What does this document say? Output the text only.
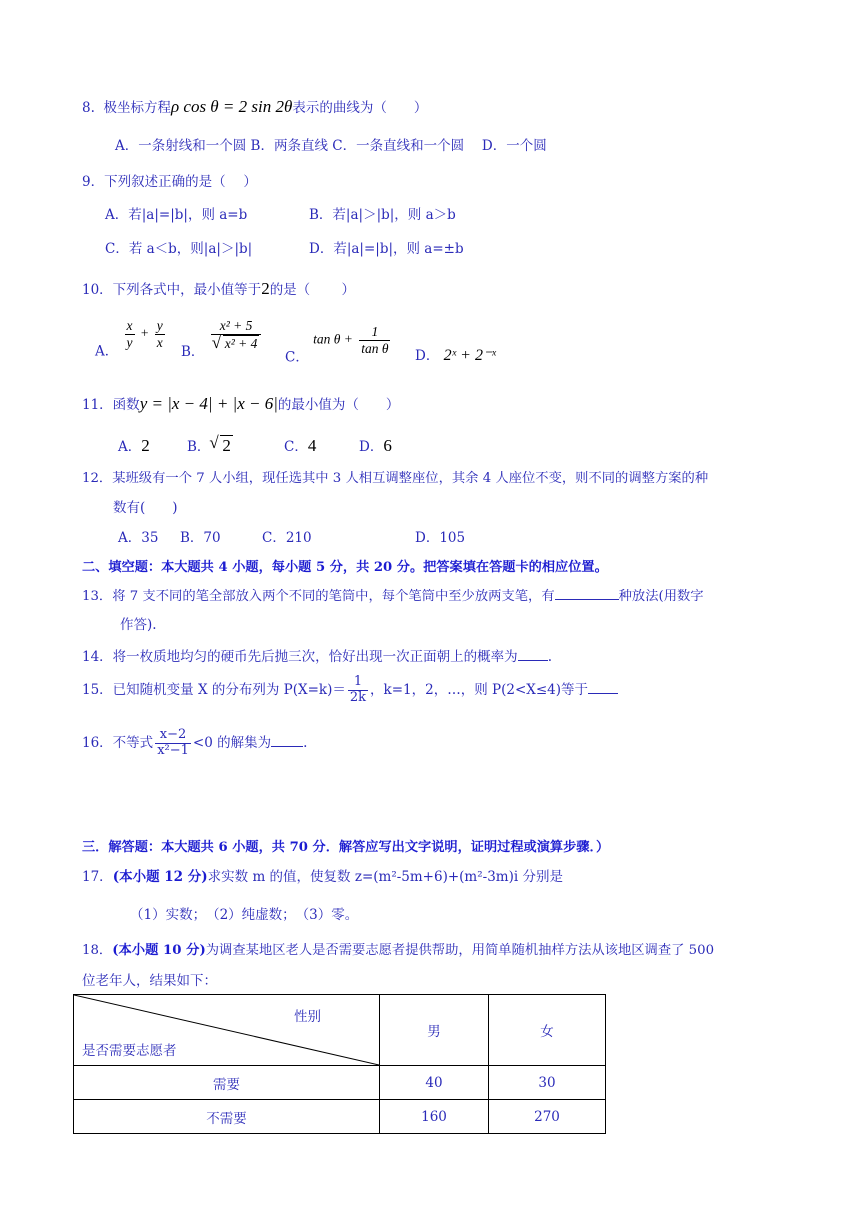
8. 极坐标方程ρ cos θ = 2 sin 2θ表示的曲线为（　　）
A．一条射线和一个圆 B．两条直线 C．一条直线和一个圆　 D．一个圆
9．下列叙述正确的是（　 ）
A．若|a|=|b|，则 a=b	B．若|a|＞|b|，则 a＞b
C．若 a＜b，则|a|＞|b|	D．若|a|=|b|，则 a=±b
10．下列各式中，最小值等于2的是（　　 ）
A．
$\frac{x}{y} + \frac{y}{x}$
B．
x² + 5
√ x² + 4
C． $\tan \theta + \frac{1}{\text{tan θ}}$ D． 2ˣ + 2⁻ˣ
11．函数y = |x − 4| + |x − 6|的最小值为（　　）
A．2	B． √ 2	C．4	D．6
12．某班级有一个 7 人小组，现任选其中 3 人相互调整座位，其余 4 人座位不变，则不同的调整方案的种
数有(　　)
A．35 B．70	C．210	D．105
二、填空题：本大题共 4 小题，每小题 5 分，共 20 分。把答案填在答题卡的相应位置。
13．将 7 支不同的笔全部放入两个不同的笔筒中，每个笔筒中至少放两支笔，有	种放法(用数字
作答).
14．将一枚质地均匀的硬币先后抛三次，恰好出现一次正面朝上的概率为 .
15．已知随机变量 X 的分布列为 $P(X=k)= \frac{1}{2k}$ ，k=1，2，…，则 P(2<X≤4)等于
16．不等式 $\frac{x-2}{\text{x²−1}} <0$ 的解集为 .
三．解答题：本大题共 6 小题，共 70 分．解答应写出文字说明，证明过程或演算步骤．）
17．(本小题 12 分)求实数 m 的值，使复数 z=(m²-5m+6)+(m²-3m)i 分别是
（1）实数；　（2）纯虚数；　（3）零。
18．(本小题 10 分)为调查某地区老人是否需要志愿者提供帮助，用简单随机抽样方法从该地区调查了 500
位老年人，结果如下：
性别
是否需要志愿者	男	女
需要	40	30
不需要	160	270
